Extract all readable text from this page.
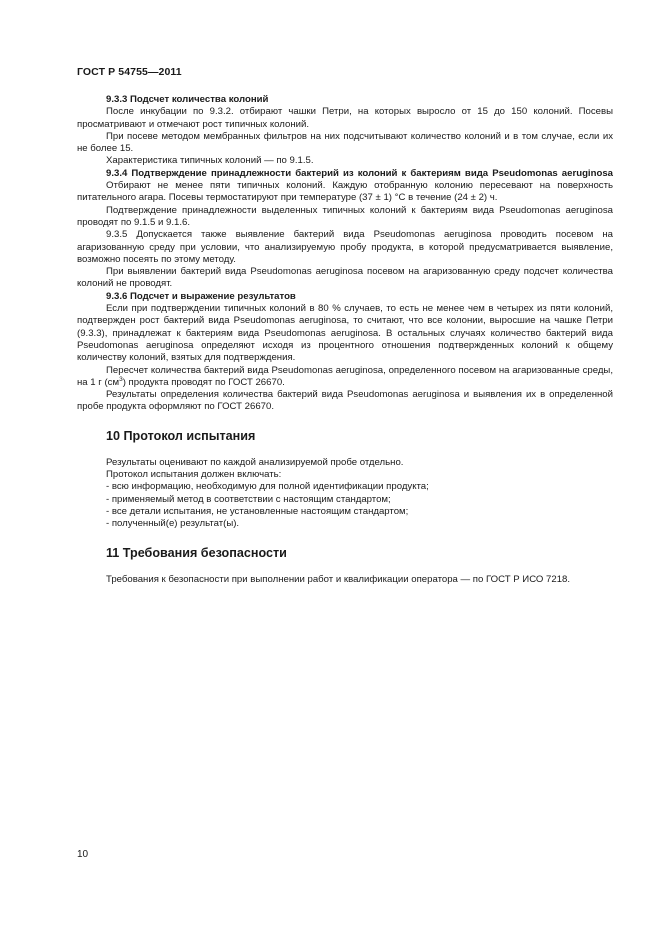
ГОСТ Р 54755—2011

9.3.3 Подсчет количества колоний

После инкубации по 9.3.2. отбирают чашки Петри, на которых выросло от 15 до 150 колоний. Посевы просматривают и отмечают рост типичных колоний.

При посеве методом мембранных фильтров на них подсчитывают количество колоний и в том случае, если их не более 15.

Характеристика типичных колоний — по 9.1.5.

9.3.4 Подтверждение принадлежности бактерий из колоний к бактериям вида Pseudomonas aeruginosa

Отбирают не менее пяти типичных колоний. Каждую отобранную колонию пересевают на поверхность питательного агара. Посевы термостатируют при температуре (37 ± 1) °С в течение (24 ± 2) ч.

Подтверждение принадлежности выделенных типичных колоний к бактериям вида Pseudomonas aeruginosa проводят по 9.1.5 и 9.1.6.

9.3.5 Допускается также выявление бактерий вида Pseudomonas aeruginosa проводить посевом на агаризованную среду при условии, что анализируемую пробу продукта, в которой предусматривается выявление, возможно посеять по этому методу.

При выявлении бактерий вида Pseudomonas aeruginosa посевом на агаризованную среду подсчет количества колоний не проводят.

9.3.6 Подсчет и выражение результатов

Если при подтверждении типичных колоний в 80 % случаев, то есть не менее чем в четырех из пяти колоний, подтвержден рост бактерий вида Pseudomonas aeruginosa, то считают, что все колонии, выросшие на чашке Петри (9.3.3), принадлежат к бактериям вида Pseudomonas aeruginosa. В остальных случаях количество бактерий вида Pseudomonas aeruginosa определяют исходя из процентного отношения подтвержденных колоний к общему количеству колоний, взятых для подтверждения.

Пересчет количества бактерий вида Pseudomonas aeruginosa, определенного посевом на агаризованные среды, на 1 г $(см^3)$ продукта проводят по ГОСТ 26670.

Результаты определения количества бактерий вида Pseudomonas aeruginosa и выявления их в определенной пробе продукта оформляют по ГОСТ 26670.

10 Протокол испытания

Результаты оценивают по каждой анализируемой пробе отдельно.

Протокол испытания должен включать:

- всю информацию, необходимую для полной идентификации продукта;
- применяемый метод в соответствии с настоящим стандартом;
- все детали испытания, не установленные настоящим стандартом;
- полученный(е) результат(ы).
11 Требования безопасности

Требования к безопасности при выполнении работ и квалификации оператора — по ГОСТ Р ИСО 7218.

10
